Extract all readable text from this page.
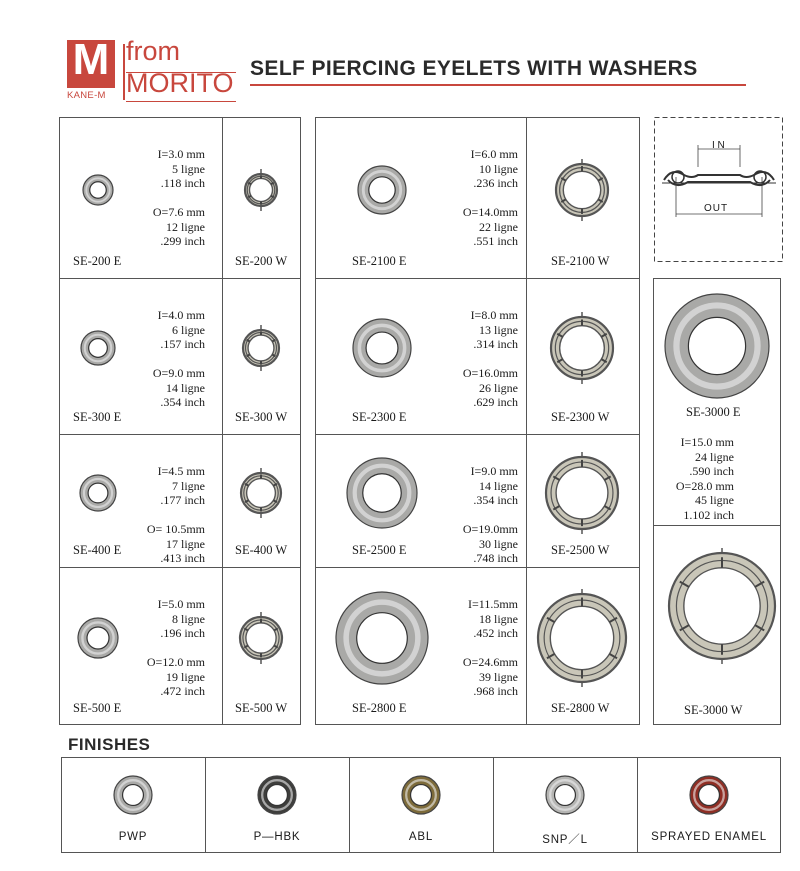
M
KANE-M
from
MORITO SELF PIERCING EYELETS WITH WASHERS
I N
OUT
SE-200 E	SE-200 W
I=3.0 mm
5 ligne
.118 inch
O=7.6 mm
12 ligne
.299 inch
SE-300 E	SE-300 W
I=4.0 mm
6 ligne
.157 inch
O=9.0 mm
14 ligne
.354 inch
SE-400 E	SE-400 W
I=4.5 mm
7 ligne
.177 inch
O= 10.5mm
17 ligne
.413 inch
SE-500 E	SE-500 W
I=5.0 mm
8 ligne
.196 inch
O=12.0 mm
19 ligne
.472 inch
SE-2100 E	SE-2100 W
I=6.0 mm
10 ligne
.236 inch
O=14.0mm
22 ligne
.551 inch
SE-2300 E	SE-2300 W
I=8.0 mm
13 ligne
.314 inch
O=16.0mm
26 ligne
.629 inch
SE-2500 E	SE-2500 W
I=9.0 mm
14 ligne
.354 inch
O=19.0mm
30 ligne
.748 inch
SE-2800 E	SE-2800 W
I=11.5mm
18 ligne
.452 inch
O=24.6mm
39 ligne
.968 inch
SE-3000 E
I=15.0 mm
24 ligne
.590 inch
O=28.0 mm
45 ligne
1.102 inch
SE-3000 W
FINISHES
PWP	P—HBK	ABL	SNP／L	SPRAYED ENAMEL
